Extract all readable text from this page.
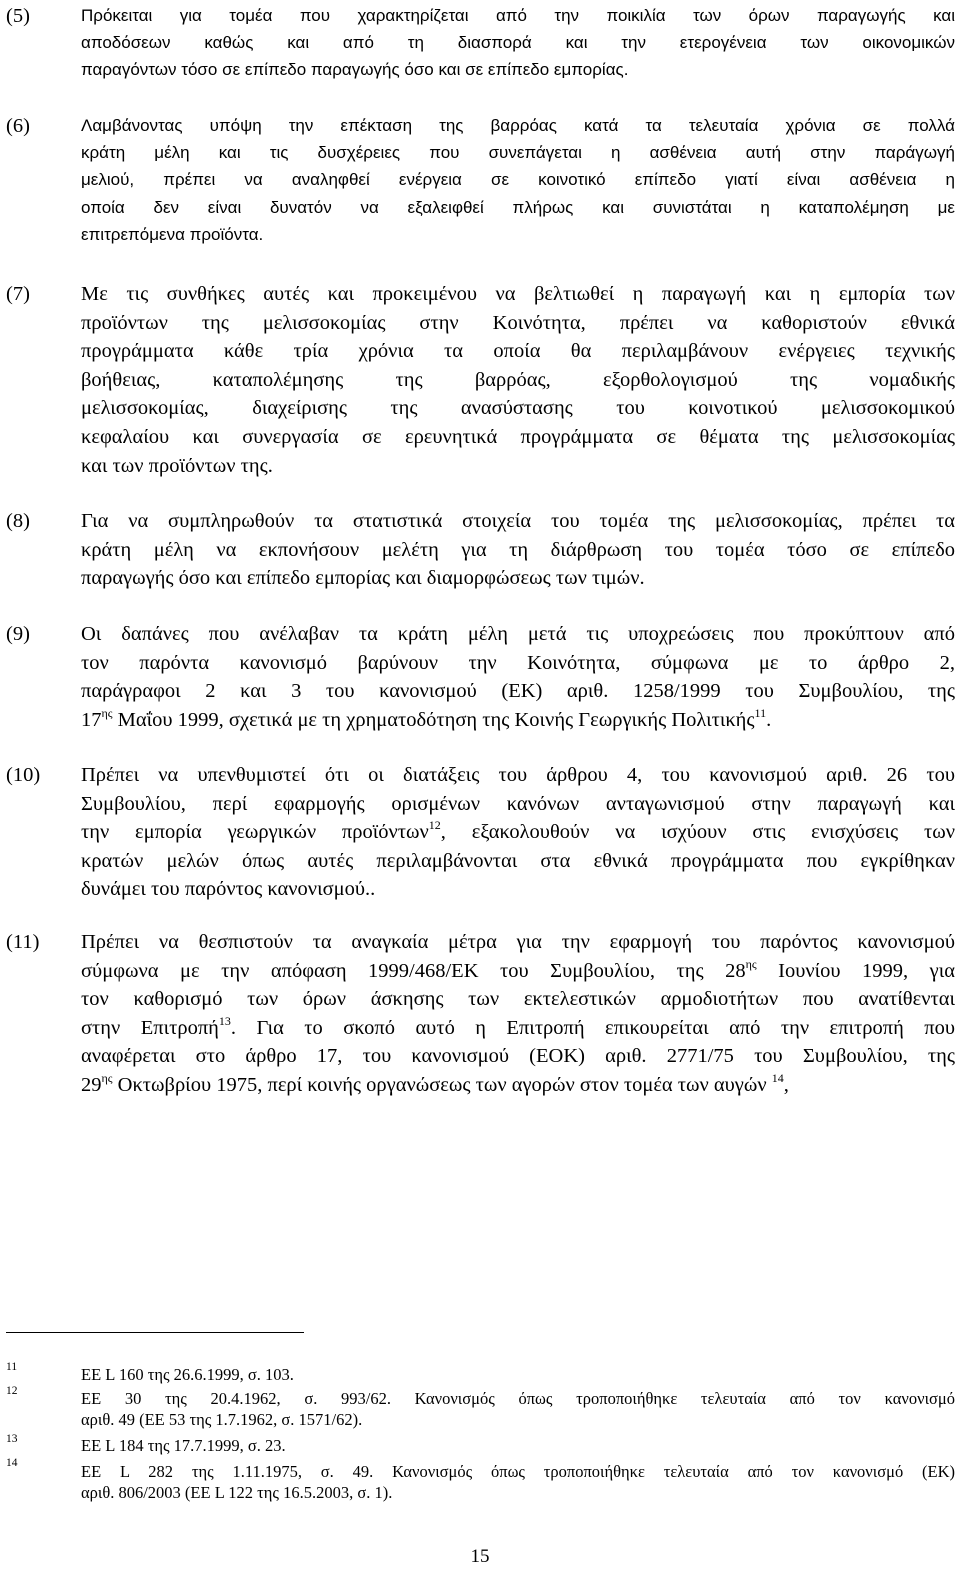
(5)	Πρόκειται για τομέα που χαρακτηρίζεται από την ποικιλία των όρων παραγωγής και
αποδόσεων καθώς και από τη διασπορά και την ετερογένεια των οικονομικών
παραγόντων τόσο σε επίπεδο παραγωγής όσο και σε επίπεδο εμπορίας.
(6)	Λαμβάνοντας υπόψη την επέκταση της βαρρόας κατά τα τελευταία χρόνια σε πολλά
κράτη μέλη και τις δυσχέρειες που συνεπάγεται η ασθένεια αυτή στην παράγωγή
μελιού, πρέπει να αναληφθεί ενέργεια σε κοινοτικό επίπεδο γιατί είναι ασθένεια η
οποία δεν είναι δυνατόν να εξαλειφθεί πλήρως και συνιστάται η καταπολέμηση με
επιτρεπόμενα προϊόντα.
(7) Με τις συνθήκες αυτές και προκειμένου να βελτιωθεί η παραγωγή και η εμπορία των
προϊόντων της μελισσοκομίας στην Κοινότητα, πρέπει να καθοριστούν εθνικά
προγράμματα κάθε τρία χρόνια τα οποία θα περιλαμβάνουν ενέργειες τεχνικής
βοήθειας, καταπολέμησης της βαρρόας, εξορθολογισμού της νομαδικής
μελισσοκομίας, διαχείρισης της ανασύστασης του κοινοτικού μελισσοκομικού
κεφαλαίου και συνεργασία σε ερευνητικά προγράμματα σε θέματα της μελισσοκομίας
και των προϊόντων της.
(8) Για να συμπληρωθούν τα στατιστικά στοιχεία του τομέα της μελισσοκομίας, πρέπει τα
κράτη μέλη να εκπονήσουν μελέτη για τη διάρθρωση του τομέα τόσο σε επίπεδο
παραγωγής όσο και επίπεδο εμπορίας και διαμορφώσεως των τιμών.
(9) Οι δαπάνες που ανέλαβαν τα κράτη μέλη μετά τις υποχρεώσεις που προκύπτουν από
τον παρόντα κανονισμό βαρύνουν την Κοινότητα, σύμφωνα με το άρθρο 2,
παράγραφοι 2 και 3 του κανονισμού (ΕΚ) αριθ. 1258/1999 του Συμβουλίου, της
$17^{\eta\varsigma}$ Μαΐου 1999, σχετικά με τη χρηματοδότηση της Κοινής Γεωργικής Πολιτικής$^{11}$.
(10) Πρέπει να υπενθυμιστεί ότι οι διατάξεις του άρθρου 4, του κανονισμού αριθ. 26 του
Συμβουλίου, περί εφαρμογής ορισμένων κανόνων ανταγωνισμού στην παραγωγή και
την εμπορία γεωργικών προϊόντων$^{12}$, εξακολουθούν να ισχύουν στις ενισχύσεις των
κρατών μελών όπως αυτές περιλαμβάνονται στα εθνικά προγράμματα που εγκρίθηκαν
δυνάμει του παρόντος κανονισμού..
(11) Πρέπει να θεσπιστούν τα αναγκαία μέτρα για την εφαρμογή του παρόντος κανονισμού
σύμφωνα με την απόφαση 1999/468/ΕΚ του Συμβουλίου, της $28^{\eta\varsigma}$ Ιουνίου 1999, για
τον καθορισμό των όρων άσκησης των εκτελεστικών αρμοδιοτήτων που ανατίθενται
στην Επιτροπή$^{13}$. Για το σκοπό αυτό η Επιτροπή επικουρείται από την επιτροπή που
αναφέρεται στο άρθρο 17, του κανονισμού (ΕΟΚ) αριθ. 2771/75 του Συμβουλίου, της
$29^{\eta\varsigma}$ Οκτωβρίου 1975, περί κοινής οργανώσεως των αγορών στον τομέα των αυγών $^{14}$,
11	ΕΕ L 160 της 26.6.1999, σ. 103.
12	ΕΕ 30 της 20.4.1962, σ. 993/62. Κανονισμός όπως τροποποιήθηκε τελευταία από τον κανονισμό
αριθ. 49 (ΕΕ 53 της 1.7.1962, σ. 1571/62).
13	ΕΕ L 184 της 17.7.1999, σ. 23.
14	ΕΕ L 282 της 1.11.1975, σ. 49. Κανονισμός όπως τροποποιήθηκε τελευταία από τον κανονισμό (ΕΚ)
αριθ. 806/2003 (ΕΕ L 122 της 16.5.2003, σ. 1).
15
